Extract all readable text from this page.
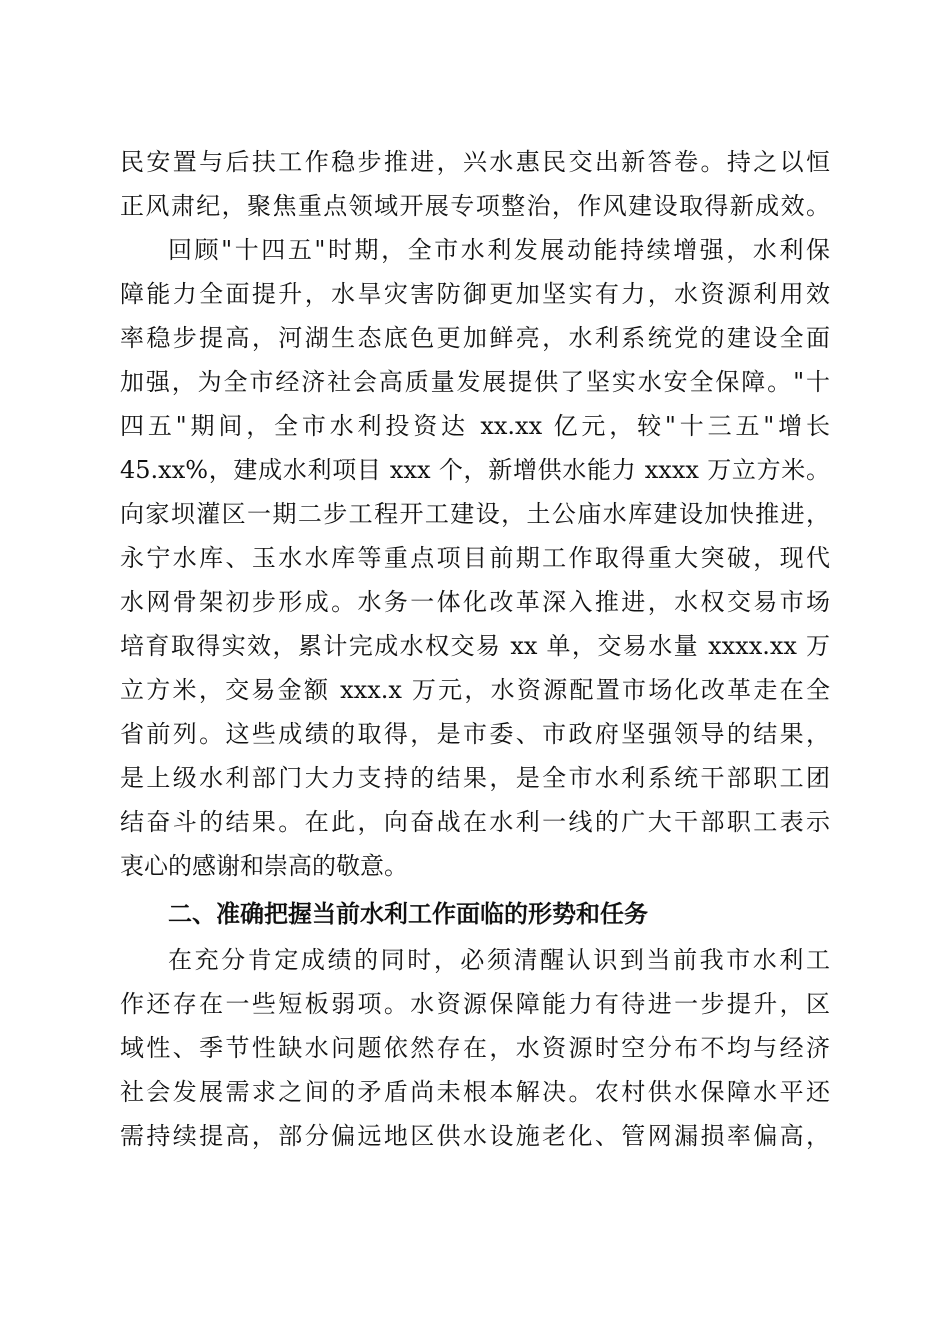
民安置与后扶工作稳步推进，兴水惠民交出新答卷。持之以恒
正风肃纪，聚焦重点领域开展专项整治，作风建设取得新成效。
回顾"十四五"时期，全市水利发展动能持续增强，水利保
障能力全面提升，水旱灾害防御更加坚实有力，水资源利用效
率稳步提高，河湖生态底色更加鲜亮，水利系统党的建设全面
加强，为全市经济社会高质量发展提供了坚实水安全保障。"十
四五"期间，全市水利投资达 xx.xx 亿元，较"十三五"增长
45.xx%，建成水利项目 xxx 个，新增供水能力 xxxx 万立方米。
向家坝灌区一期二步工程开工建设，土公庙水库建设加快推进，
永宁水库、玉水水库等重点项目前期工作取得重大突破，现代
水网骨架初步形成。水务一体化改革深入推进，水权交易市场
培育取得实效，累计完成水权交易 xx 单，交易水量 xxxx.xx 万
立方米，交易金额 xxx.x 万元，水资源配置市场化改革走在全
省前列。这些成绩的取得，是市委、市政府坚强领导的结果，
是上级水利部门大力支持的结果，是全市水利系统干部职工团
结奋斗的结果。在此，向奋战在水利一线的广大干部职工表示
衷心的感谢和崇高的敬意。
二、准确把握当前水利工作面临的形势和任务
在充分肯定成绩的同时，必须清醒认识到当前我市水利工
作还存在一些短板弱项。水资源保障能力有待进一步提升，区
域性、季节性缺水问题依然存在，水资源时空分布不均与经济
社会发展需求之间的矛盾尚未根本解决。农村供水保障水平还
需持续提高，部分偏远地区供水设施老化、管网漏损率偏高，
